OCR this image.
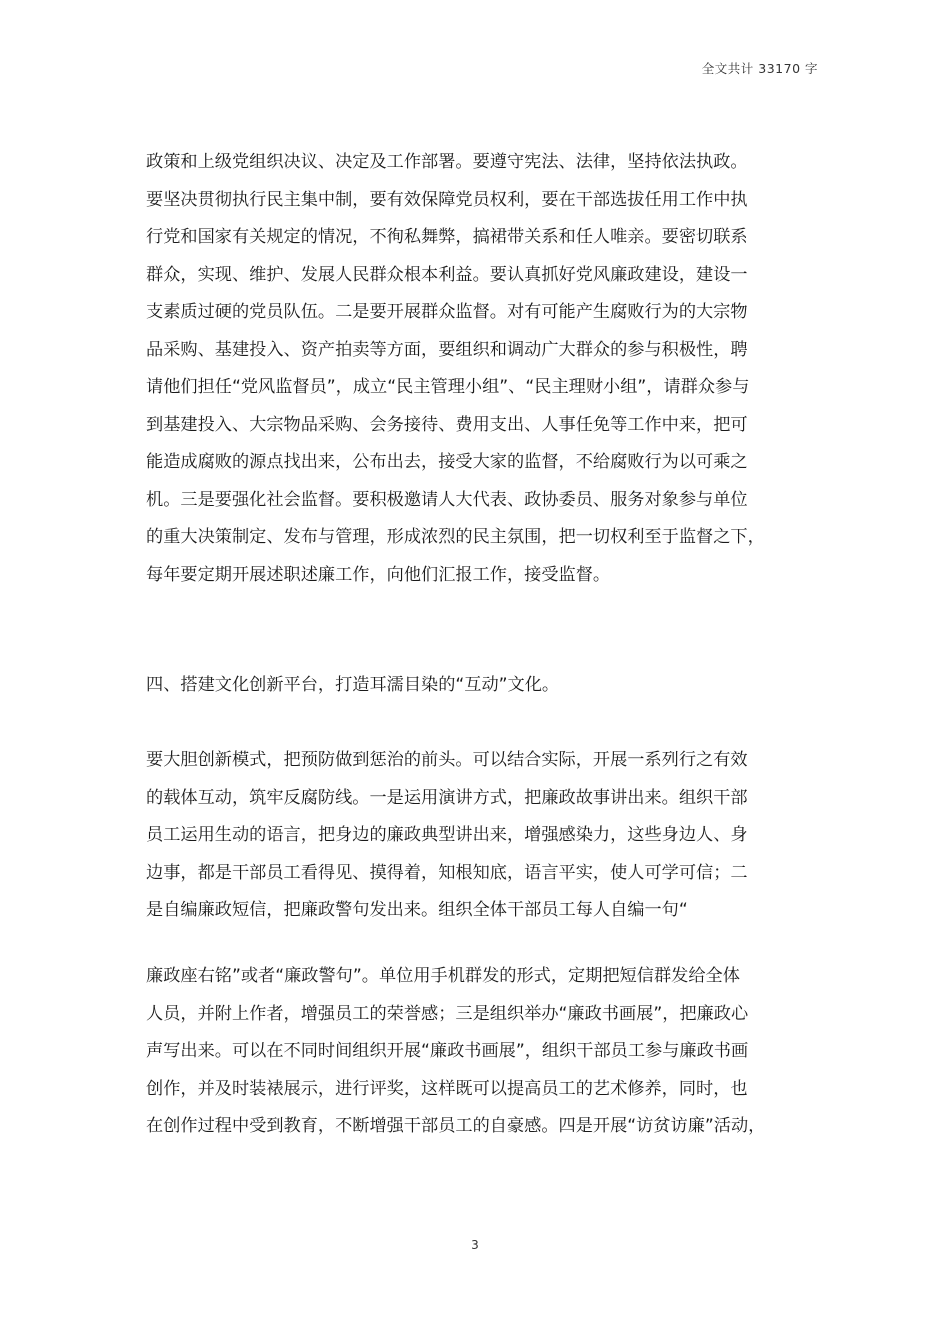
全文共计 33170 字

政策和上级党组织决议、决定及工作部署。要遵守宪法、法律，坚持依法执政。
要坚决贯彻执行民主集中制，要有效保障党员权利，要在干部选拔任用工作中执
行党和国家有关规定的情况，不徇私舞弊，搞裙带关系和任人唯亲。要密切联系
群众，实现、维护、发展人民群众根本利益。要认真抓好党风廉政建设，建设一
支素质过硬的党员队伍。二是要开展群众监督。对有可能产生腐败行为的大宗物
品采购、基建投入、资产拍卖等方面，要组织和调动广大群众的参与积极性，聘
请他们担任“党风监督员”，成立“民主管理小组”、“民主理财小组”，请群众参与
到基建投入、大宗物品采购、会务接待、费用支出、人事任免等工作中来，把可
能造成腐败的源点找出来，公布出去，接受大家的监督，不给腐败行为以可乘之
机。三是要强化社会监督。要积极邀请人大代表、政协委员、服务对象参与单位
的重大决策制定、发布与管理，形成浓烈的民主氛围，把一切权利至于监督之下，
每年要定期开展述职述廉工作，向他们汇报工作，接受监督。

四、搭建文化创新平台，打造耳濡目染的“互动”文化。

要大胆创新模式，把预防做到惩治的前头。可以结合实际，开展一系列行之有效
的载体互动，筑牢反腐防线。一是运用演讲方式，把廉政故事讲出来。组织干部
员工运用生动的语言，把身边的廉政典型讲出来，增强感染力，这些身边人、身
边事，都是干部员工看得见、摸得着，知根知底，语言平实，使人可学可信；二
是自编廉政短信，把廉政警句发出来。组织全体干部员工每人自编一句“

廉政座右铭”或者“廉政警句”。单位用手机群发的形式，定期把短信群发给全体
人员，并附上作者，增强员工的荣誉感；三是组织举办“廉政书画展”，把廉政心
声写出来。可以在不同时间组织开展“廉政书画展”，组织干部员工参与廉政书画
创作，并及时装裱展示，进行评奖，这样既可以提高员工的艺术修养，同时，也
在创作过程中受到教育，不断增强干部员工的自豪感。四是开展“访贫访廉”活动，

3
